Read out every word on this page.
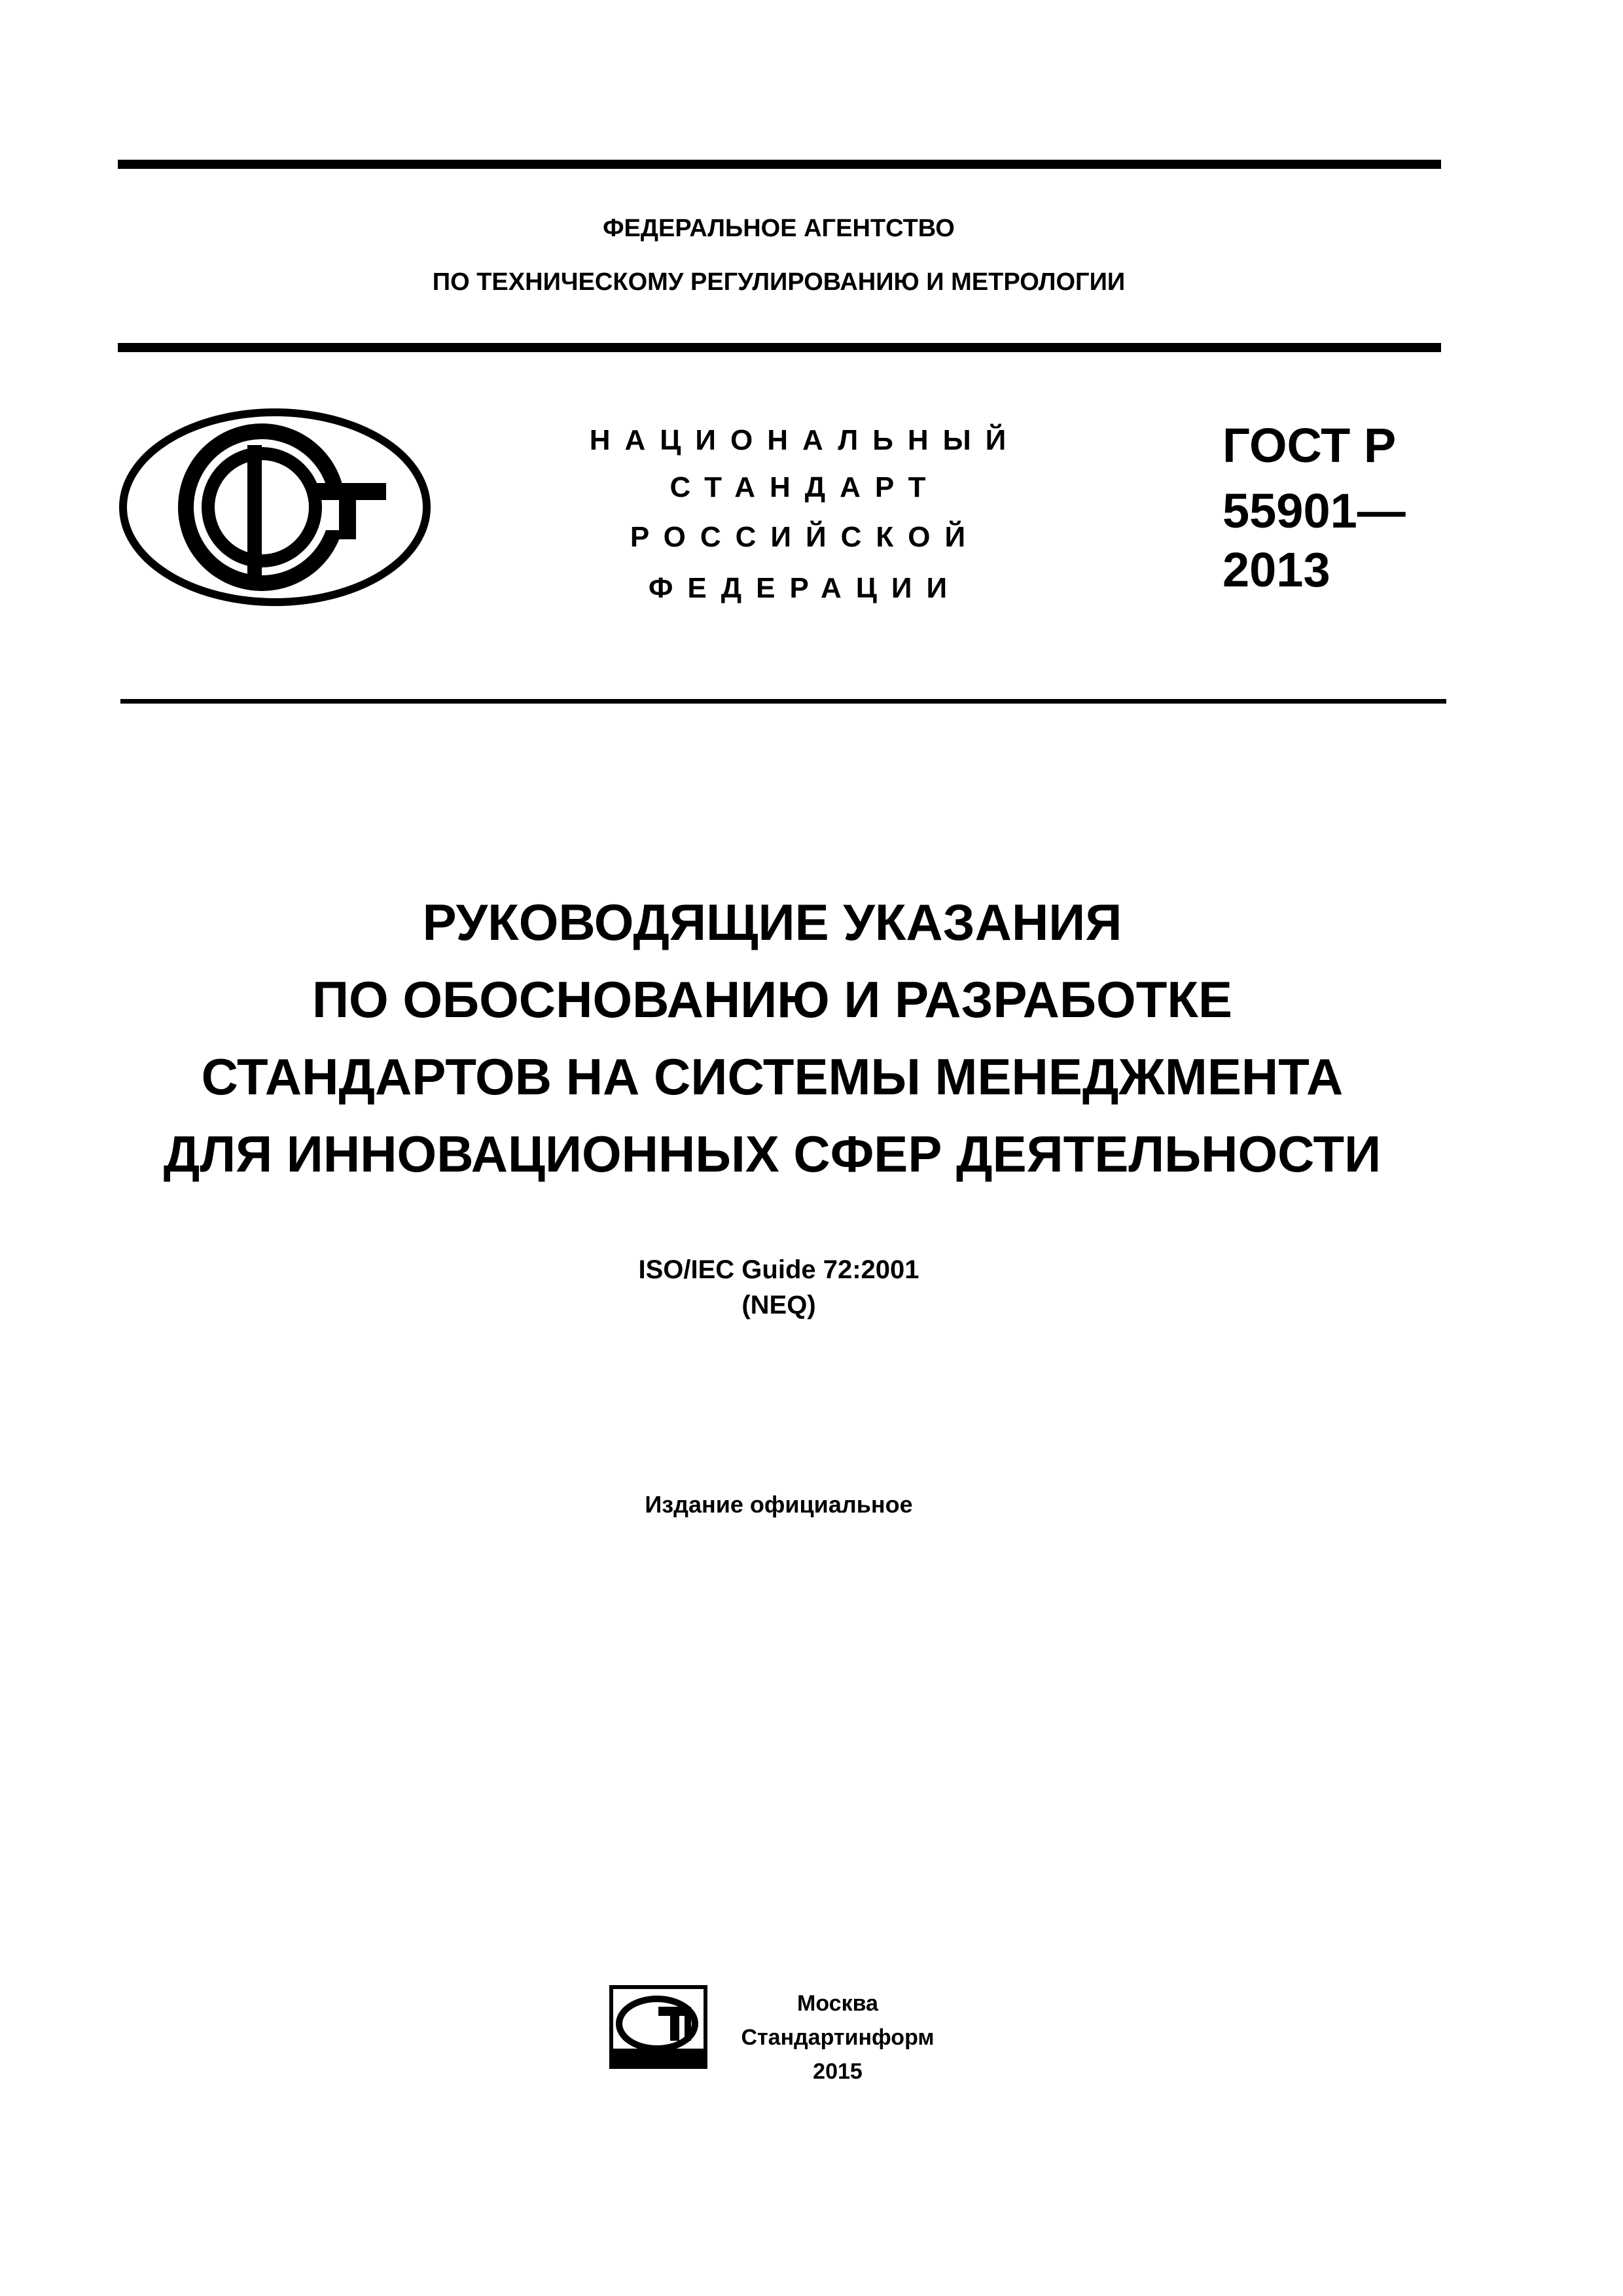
ФЕДЕРАЛЬНОЕ АГЕНТСТВО
ПО ТЕХНИЧЕСКОМУ РЕГУЛИРОВАНИЮ И МЕТРОЛОГИИ
НАЦИОНАЛЬНЫЙ
СТАНДАРТ
РОССИЙСКОЙ
ФЕДЕРАЦИИ
ГОСТ Р
55901—
2013
РУКОВОДЯЩИЕ УКАЗАНИЯ
ПО ОБОСНОВАНИЮ И РАЗРАБОТКЕ
СТАНДАРТОВ НА СИСТЕМЫ МЕНЕДЖМЕНТА
ДЛЯ ИННОВАЦИОННЫХ СФЕР ДЕЯТЕЛЬНОСТИ
ISO/IEC Guide 72:2001
(NEQ)
Издание официальное
Москва
Стандартинформ
2015
